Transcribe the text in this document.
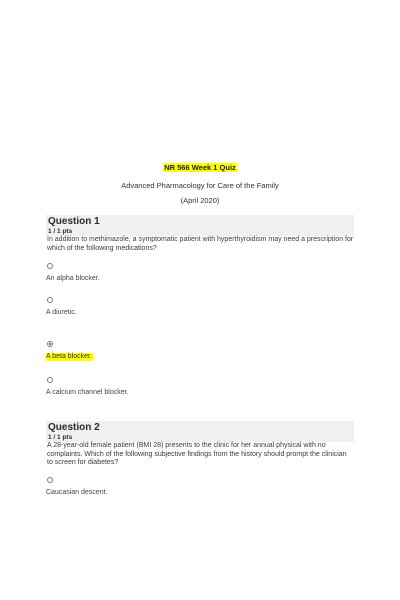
NR 566 Week 1 Quiz
Advanced Pharmacology for Care of the Family
(April 2020)
Question 1
1 / 1 pts
In addition to methimazole, a symptomatic patient with hyperthyroidism may need a prescription for which of the following medications?
An alpha blocker.
A diuretic.
A beta blocker.
A calcium channel blocker.
Question 2
1 / 1 pts
A 28-year-old female patient (BMI 28) presents to the clinic for her annual physical with no complaints. Which of the following subjective findings from the history should prompt the clinician to screen for diabetes?
Caucasian descent.
